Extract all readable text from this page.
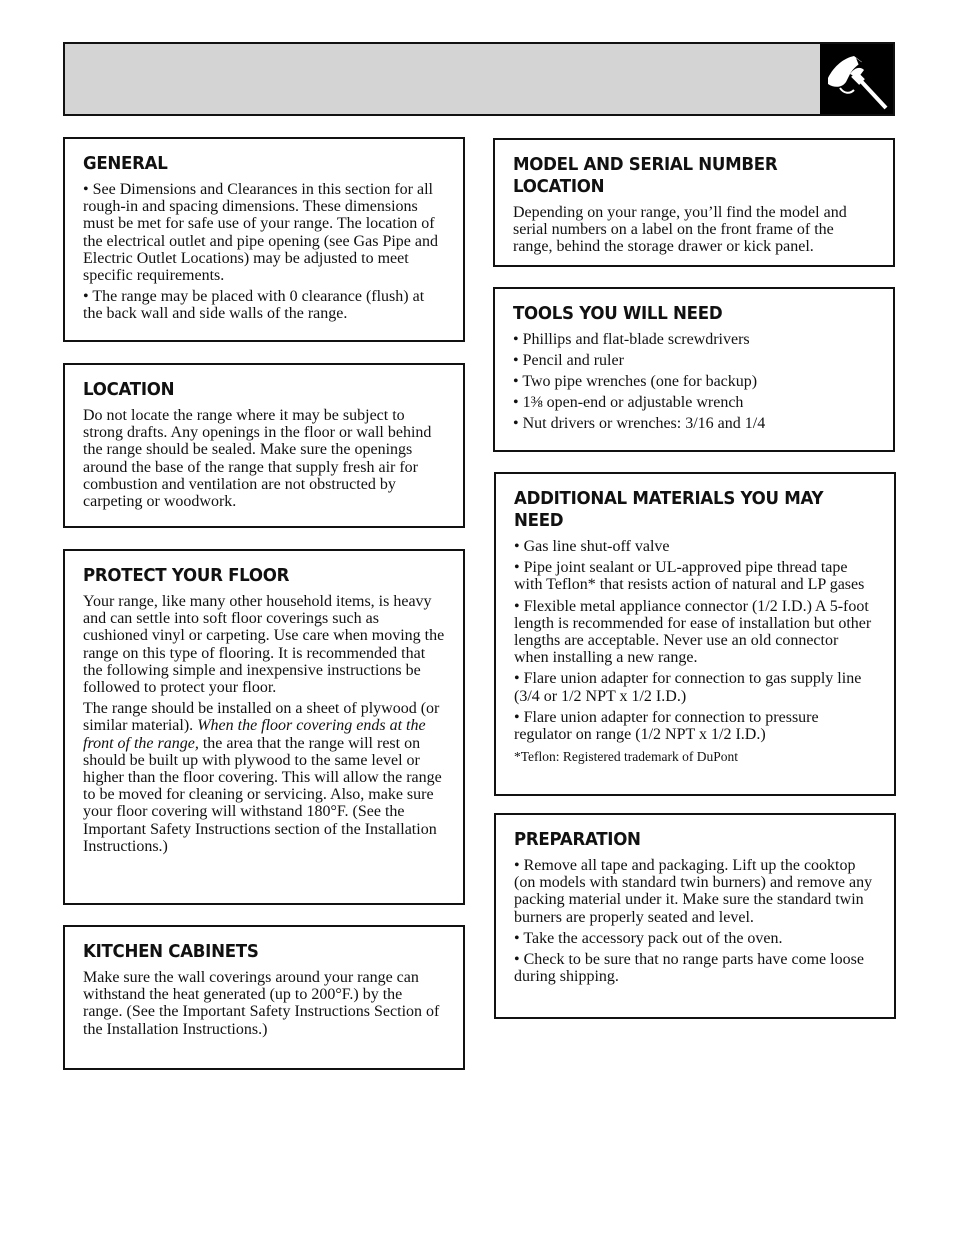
GENERAL
• See Dimensions and Clearances in this section for all rough-in and spacing dimensions. These dimensions must be met for safe use of your range. The location of the electrical outlet and pipe opening (see Gas Pipe and Electric Outlet Locations) may be adjusted to meet specific requirements.
• The range may be placed with 0 clearance (flush) at the back wall and side walls of the range.
LOCATION

Do not locate the range where it may be subject to strong drafts. Any openings in the floor or wall behind the range should be sealed. Make sure the openings around the base of the range that supply fresh air for combustion and ventilation are not obstructed by carpeting or woodwork.

PROTECT YOUR FLOOR

Your range, like many other household items, is heavy and can settle into soft floor coverings such as cushioned vinyl or carpeting. Use care when moving the range on this type of flooring. It is recommended that the following simple and inexpensive instructions be followed to protect your floor.

The range should be installed on a sheet of plywood (or similar material). When the floor covering ends at the front of the range, the area that the range will rest on should be built up with plywood to the same level or higher than the floor covering. This will allow the range to be moved for cleaning or servicing. Also, make sure your floor covering will withstand 180°F. (See the Important Safety Instructions section of the Installation Instructions.)

KITCHEN CABINETS

Make sure the wall coverings around your range can withstand the heat generated (up to 200°F.) by the range. (See the Important Safety Instructions Section of the Installation Instructions.)

MODEL AND SERIAL NUMBER LOCATION

Depending on your range, you’ll find the model and serial numbers on a label on the front frame of the range, behind the storage drawer or kick panel.

TOOLS YOU WILL NEED
• Phillips and flat-blade screwdrivers
• Pencil and ruler
• Two pipe wrenches (one for backup)
• 1⅜ open-end or adjustable wrench
• Nut drivers or wrenches: 3/16 and 1/4
ADDITIONAL MATERIALS YOU MAY NEED
• Gas line shut-off valve
• Pipe joint sealant or UL-approved pipe thread tape with Teflon* that resists action of natural and LP gases
• Flexible metal appliance connector (1/2 I.D.) A 5-foot length is recommended for ease of installation but other lengths are acceptable. Never use an old connector when installing a new range.
• Flare union adapter for connection to gas supply line (3/4 or 1/2 NPT x 1/2 I.D.)
• Flare union adapter for connection to pressure regulator on range (1/2 NPT x 1/2 I.D.)

*Teflon: Registered trademark of DuPont

PREPARATION
• Remove all tape and packaging. Lift up the cooktop (on models with standard twin burners) and remove any packing material under it. Make sure the standard twin burners are properly seated and level.
• Take the accessory pack out of the oven.
• Check to be sure that no range parts have come loose during shipping.
